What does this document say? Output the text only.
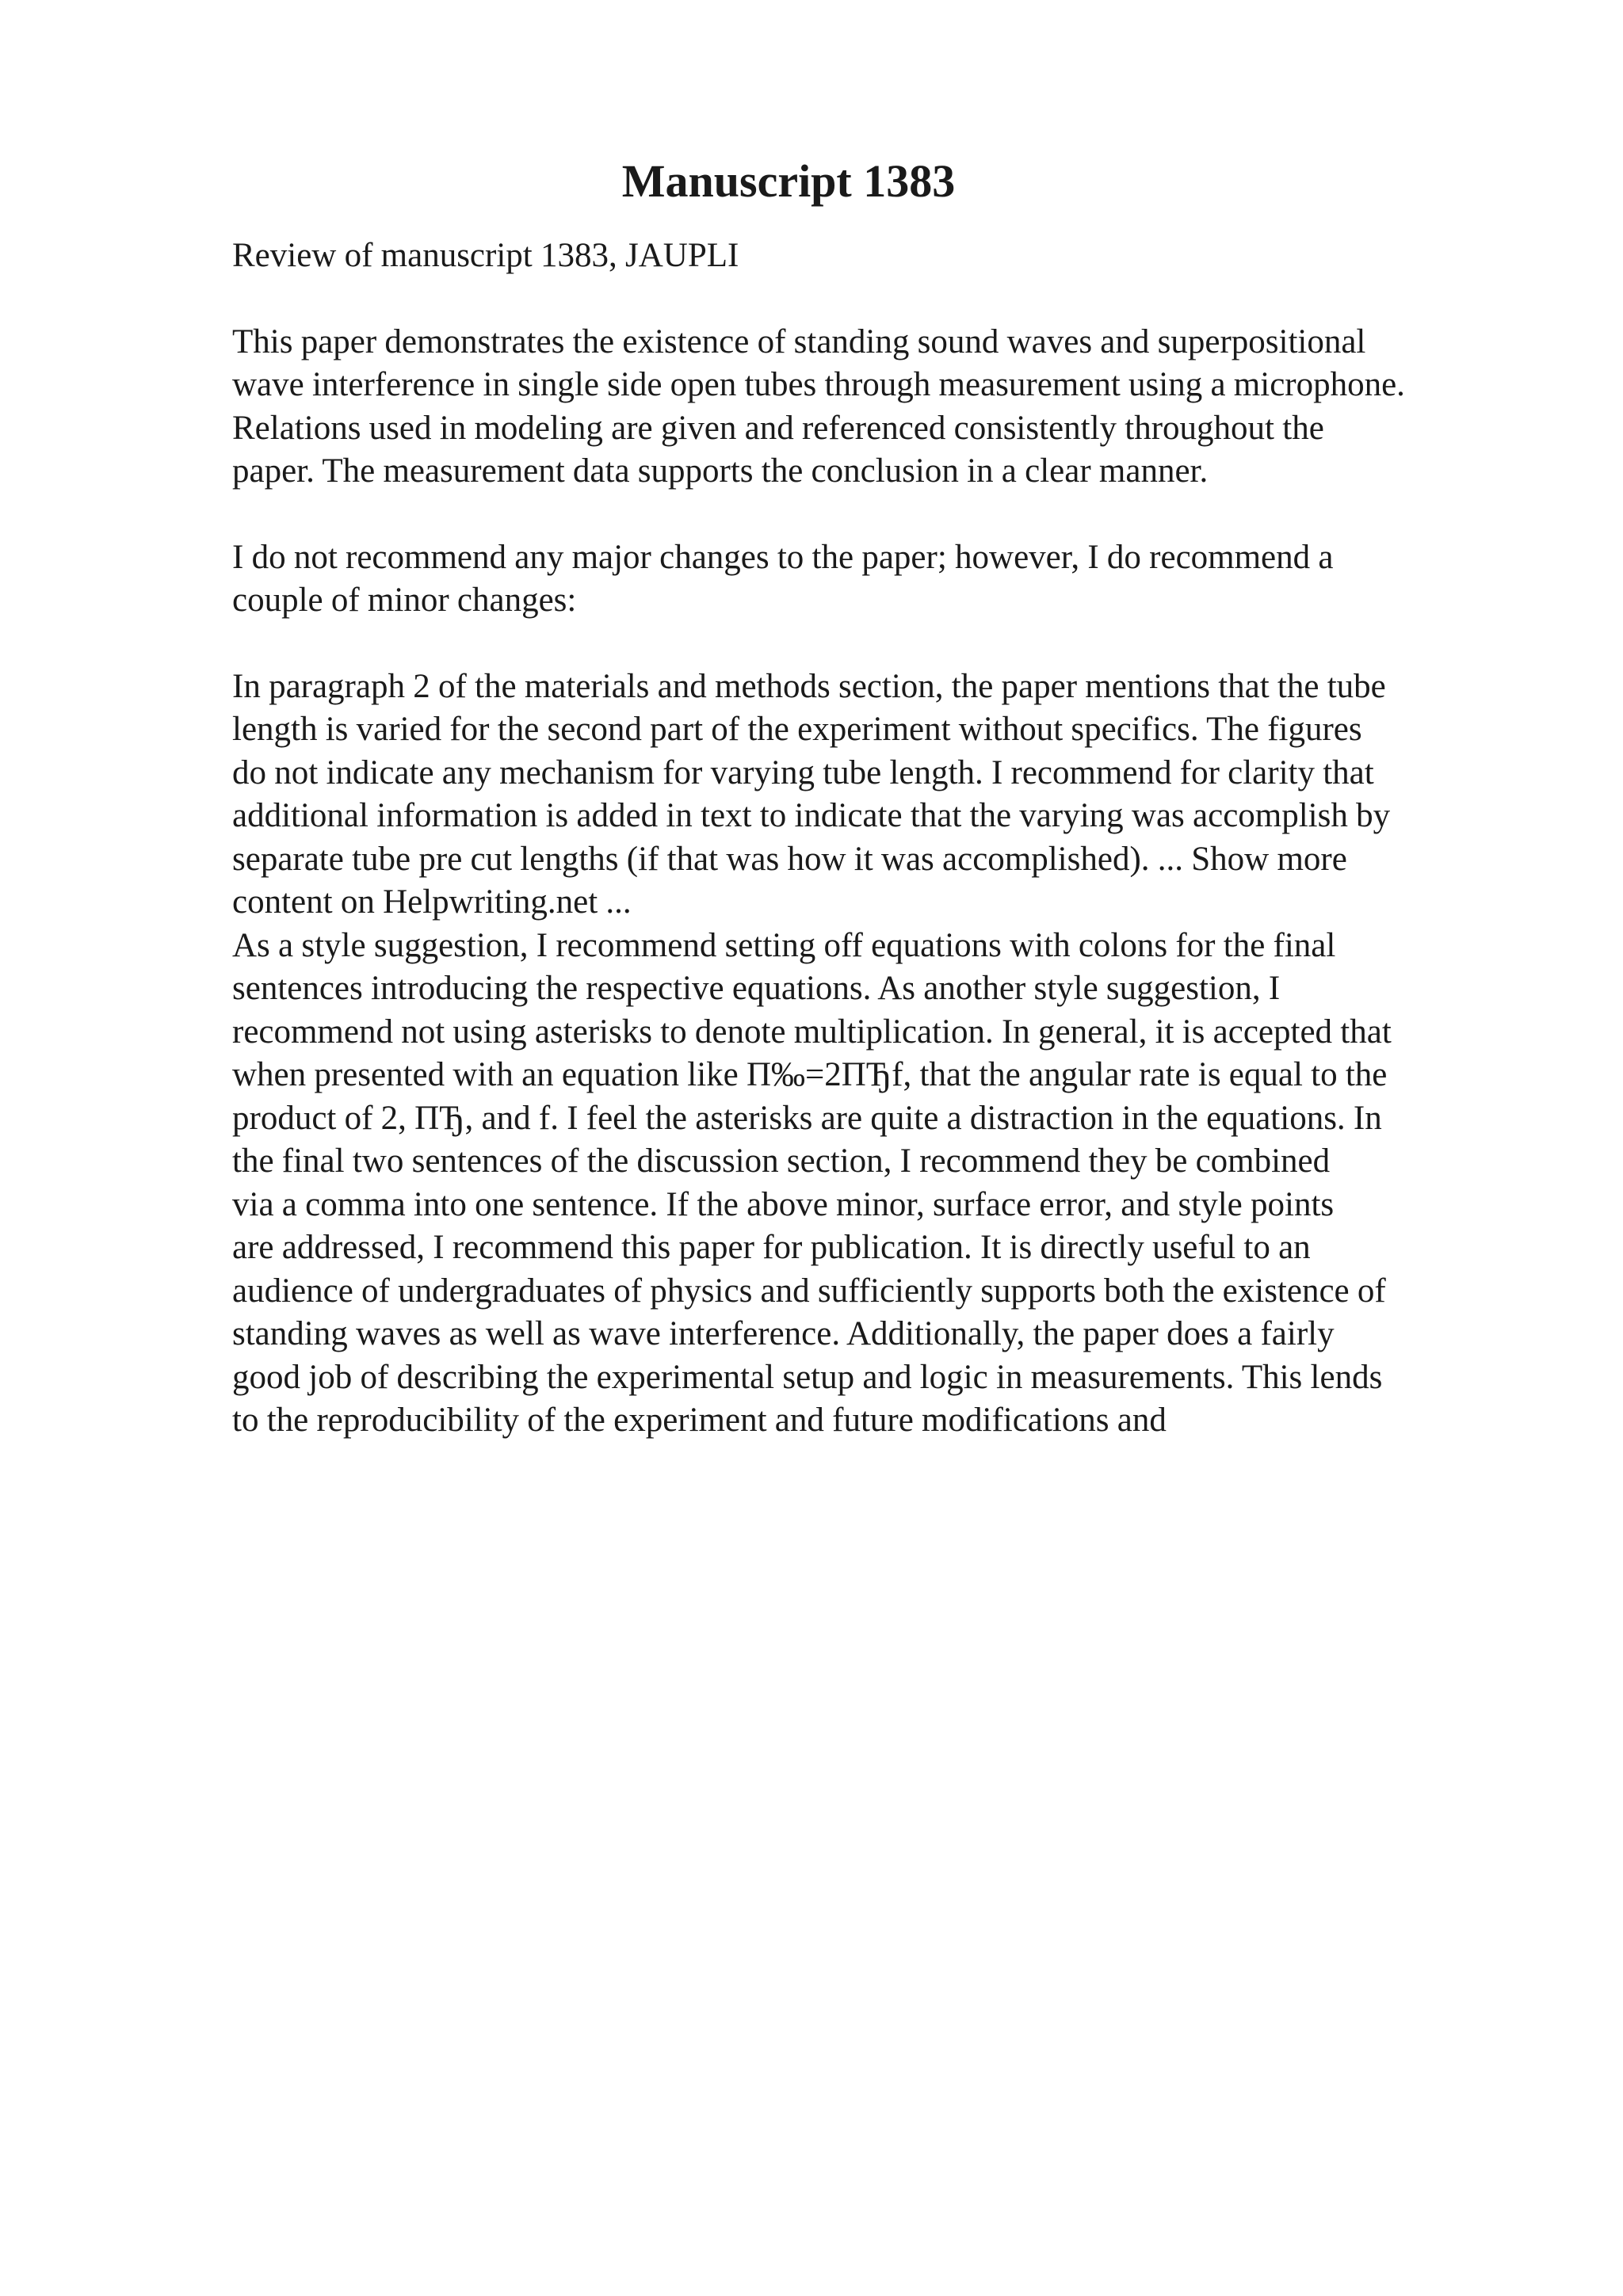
Manuscript 1383

Review of manuscript 1383, JAUPLI

This paper demonstrates the existence of standing sound waves and superpositional
wave interference in single side open tubes through measurement using a microphone.
Relations used in modeling are given and referenced consistently throughout the
paper. The measurement data supports the conclusion in a clear manner.

I do not recommend any major changes to the paper; however, I do recommend a
couple of minor changes:

In paragraph 2 of the materials and methods section, the paper mentions that the tube
length is varied for the second part of the experiment without specifics. The figures
do not indicate any mechanism for varying tube length. I recommend for clarity that
additional information is added in text to indicate that the varying was accomplish by
separate tube pre cut lengths (if that was how it was accomplished). ... Show more
content on Helpwriting.net ...

As a style suggestion, I recommend setting off equations with colons for the final
sentences introducing the respective equations. As another style suggestion, I
recommend not using asterisks to denote multiplication. In general, it is accepted that
when presented with an equation like П‰=2ПЂf, that the angular rate is equal to the
product of 2, ПЂ, and f. I feel the asterisks are quite a distraction in the equations. In
the final two sentences of the discussion section, I recommend they be combined
via a comma into one sentence. If the above minor, surface error, and style points
are addressed, I recommend this paper for publication. It is directly useful to an
audience of undergraduates of physics and sufficiently supports both the existence of
standing waves as well as wave interference. Additionally, the paper does a fairly
good job of describing the experimental setup and logic in measurements. This lends
to the reproducibility of the experiment and future modifications and
